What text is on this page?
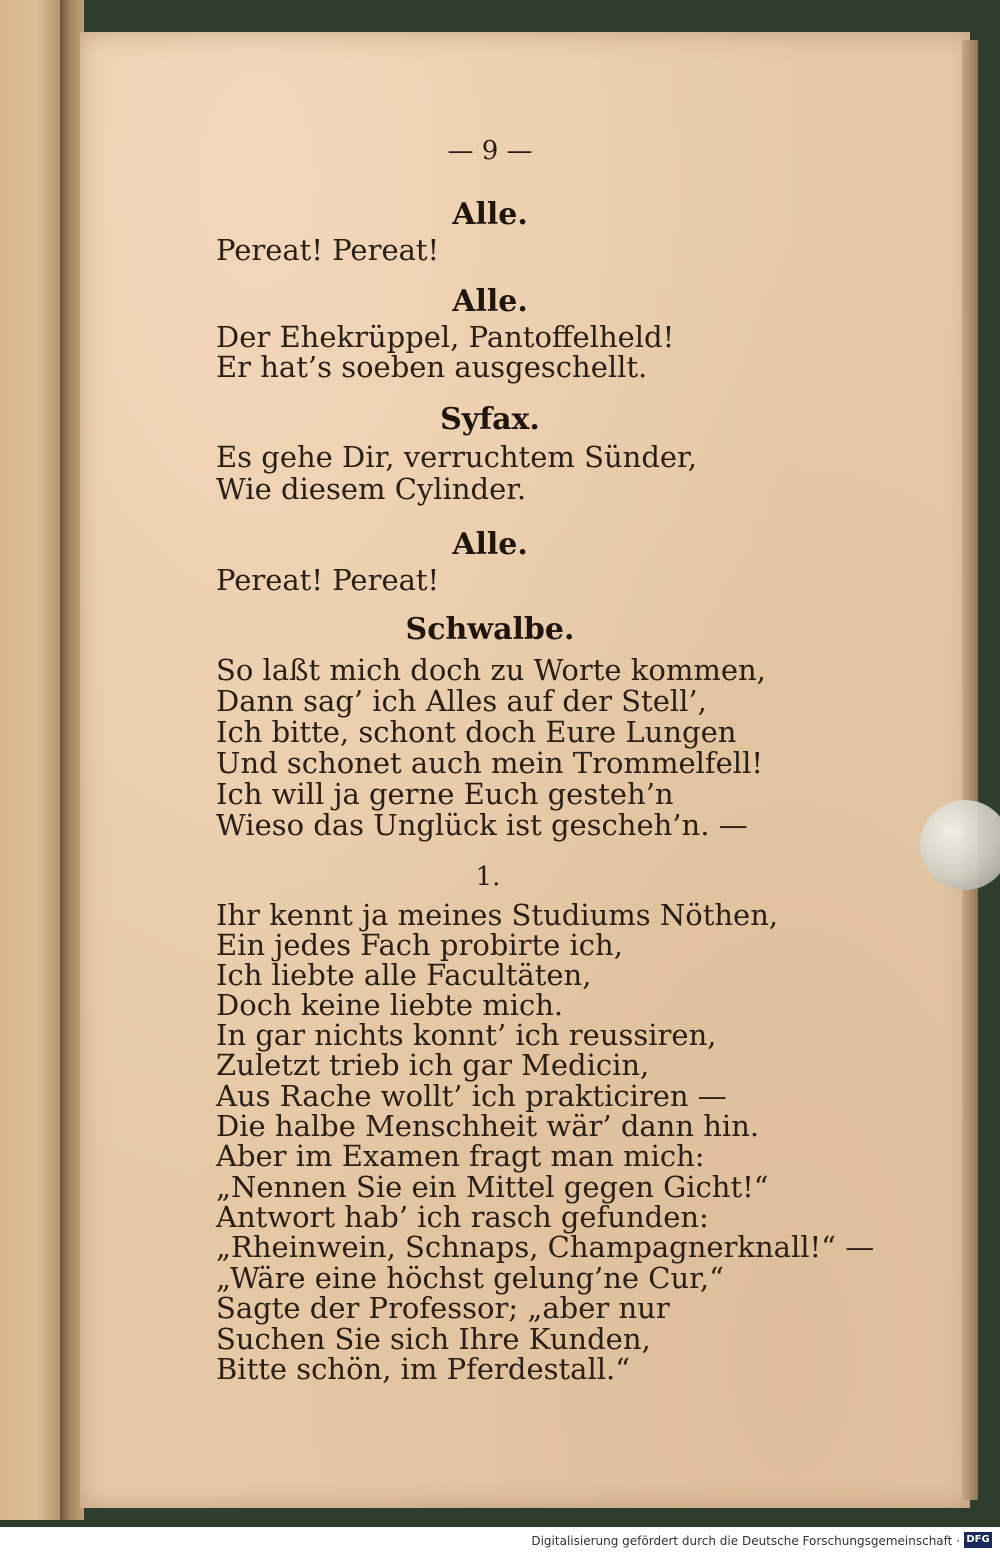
— 9 —
Alle.
Pereat! Pereat!
Alle.
Der Ehekrüppel, Pantoffelheld!
Er hat’s soeben ausgeschellt.
Syfax.
Es gehe Dir, verruchtem Sünder,
Wie diesem Cylinder.
Alle.
Pereat! Pereat!
Schwalbe.
So laßt mich doch zu Worte kommen,
Dann sag’ ich Alles auf der Stell’,
Ich bitte, schont doch Eure Lungen
Und schonet auch mein Trommelfell!
Ich will ja gerne Euch gesteh’n
Wieso das Unglück ist gescheh’n. —
1.
Ihr kennt ja meines Studiums Nöthen,
Ein jedes Fach probirte ich,
Ich liebte alle Facultäten,
Doch keine liebte mich.
In gar nichts konnt’ ich reussiren,
Zuletzt trieb ich gar Medicin,
Aus Rache wollt’ ich prakticiren —
Die halbe Menschheit wär’ dann hin.
Aber im Examen fragt man mich:
„Nennen Sie ein Mittel gegen Gicht!“
Antwort hab’ ich rasch gefunden:
„Rheinwein, Schnaps, Champagnerknall!“ —
„Wäre eine höchst gelung’ne Cur,“
Sagte der Professor; „aber nur
Suchen Sie sich Ihre Kunden,
Bitte schön, im Pferdestall.“
Digitalisierung gefördert durch die Deutsche Forschungsgemeinschaft · DFG
